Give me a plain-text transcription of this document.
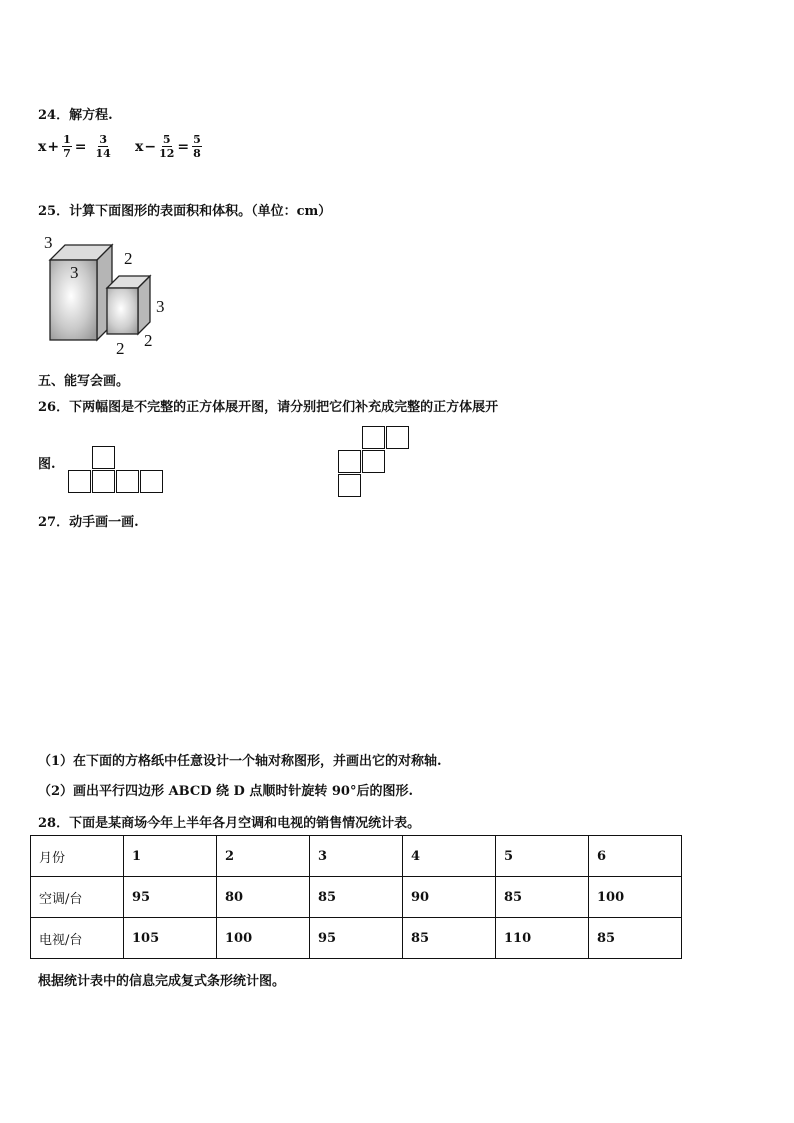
24．解方程.
$x + \frac{1}{7} = \frac{3}{14}$ $x - \frac{5}{12} = \frac{5}{8}$
25．计算下面图形的表面积和体积。（单位：cm）
3
3
2
3
2 2
五、能写会画。
26．下两幅图是不完整的正方体展开图，请分别把它们补充成完整的正方体展开
图.
27．动手画一画.
（1）在下面的方格纸中任意设计一个轴对称图形，并画出它的对称轴.
（2）画出平行四边形 ABCD 绕 D 点顺时针旋转 90°后的图形.
28．下面是某商场今年上半年各月空调和电视的销售情况统计表。
月份	1	2	3	4	5	6
空调/台	95	80	85	90	85	100
电视/台	105	100	95	85	110	85
根据统计表中的信息完成复式条形统计图。
